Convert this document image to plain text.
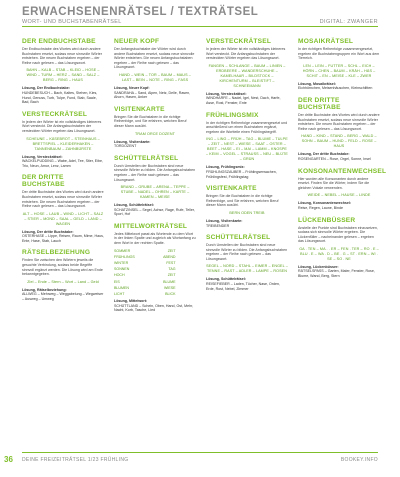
ERWACHSENENRÄTSEL / TEXTRÄTSEL
WORT- UND BUCHSTABENRÄTSEL	DIGITAL: ZWANGER
DER ENDBUCHSTABE
Der Endbuchstabe des Wortes wird durch andere Buchstaben ersetzt, sodass neue sinnvolle Wörter entstehen. Die neuen Buchstaben ergeben – der Reihe nach gelesen – das Lösungswort.
BAHN – KALB – STAB – KLEID – HOSE – WIND – TURM – HERZ – SAND – SALZ – BERG – RING – HAUS
Lösung, Der Endbuchstabe:
HUNDEBESUCH – Bach, Kaltes, Stehen, Kies, Hund, Genuss, Turb, Tulpe, Fund, Stab, Saale, Bad, Bach
VERSTECKRÄTSEL
In jedem der Wörter ist ein vollständiges kleineres Wort versteckt. Die Anfangsbuchstaben der versteckten Wörter ergeben das Lösungswort.
SCHEUNE – KÄSEBROT – STEINHAUS – BRETTSPIEL – KLEIDERHAKEN – TANNENBAUM – ZAHNBÜRSTE
Lösung, Versteckrätsel:
WACKELPUDDING – Wabe, Adel, Tee, Stier, Eibe, Trio, Neun, Amor, Lenz, Lamm
DER DRITTE BUCHSTABE
Der dritte Buchstabe des Wortes wird durch andere Buchstaben ersetzt, sodass neue sinnvolle Wörter entstehen. Die neuen Buchstaben ergeben – der Reihe nach gelesen – das Lösungswort.
ALT – HOSE – LAUB – WIND – LICHT – SALZ – STIER – MOND – SAAL – GELD – LAND – WAGEN
Lösung, Der dritte Buchstabe:
OSTERHASE – Lippe, Reisen, Raum, Mime, Haus, Ente, Hase, Stab, Lauch
RÄTSELBEZIEHUNG
Finden Sie zwischen den Wörtern jeweils die gesuchte Verbindung, sodass beide Begriffe sinnvoll ergänzt werden. Die Lösung wird am Ende bekanntgegeben.
Ziel – Ende – Stern – Wort – Land – Geld
Lösung, Rätselbeziehung:
ALLWEG – Mehrweg – Weggabelung – Wegweiser – Ausweg – Umweg
NEUER KOPF
Der Anfangsbuchstabe der Wörter wird durch andere Buchstaben ersetzt, sodass neue sinnvolle Wörter entstehen. Die neuen Anfangsbuchstaben ergeben – der Reihe nach gelesen – das Lösungswort.
HAND – WEIN – TOR – BAUM – MAUS – LAST – BEIN – NOTE – RING – FASS
Lösung, Neuer Kopf:
SANDRAHA – Sand, Alpen, Netz, Delle, Rasen, Ahorn, Hasen, Anker
VISITENKARTE
Bringen Sie die Buchstaben in die richtige Reihenfolge, und Sie erfahren, welchen Beruf dieser Mann ausübt.
TRAM ORCE DOZENT
Lösung, Visitenkarte:
TORDOZENT
SCHÜTTELRÄTSEL
Durch Umstellen der Buchstaben sind neue sinnvolle Wörter zu bilden. Die Anfangsbuchstaben ergeben – der Reihe nach gelesen – das Lösungswort.
BRAND – GRUBE – ARENA – TEPPE – STUBE – NADEL – OHREN – KARTE – KAMEN – MEISE
Lösung, Schüttelrätsel:
SCHATZINSEL – Segel, Achse, Rage, Rufe, Teller, Sport, Hof
MITTELWORTRÄTSEL
Jedes Mittelwort passt als Wortende zu dem Wort in der linken Spalte und zugleich als Wortanfang zu dem Wort in der rechten Spalte.
SOMMER
FRÜHLINGS
WINTER
SONNEN
HOCH
EIS
BLUMEN
LICHT
ZEIT
ABEND
FEST
TAG
ZEIT
BLUME
WIESE
BLICK
Lösung, Mittelwort:
SCHÜTTLAND – Schein, Oben, Hand, Ost, Mehr, Nacht, Korb, Tasche, Lied
VERSTECKRÄTSEL
In jedem der Wörter ist ein vollständiges kleineres Wort versteckt. Die Anfangsbuchstaben der versteckten Wörter ergeben das Lösungswort.
FANGEN – SCHLANGE – BAUM – LINIEN – ERDBEERE – WANDERSCHUHE – KAMELHAAR – BILDSTOCK – KIRCHENTURM – BLEISTIFT – SCHNEEMANN
Lösung, Versteckrätsel:
WINDHARFE – Nadel, Igel, Nest, Dach, Harfe, Asse, Rost, Fenster, Ente
FRÜHLINGSMIX
In der richtigen Reihenfolge zusammengesetzt und anschließend um einen Buchstaben ergänzt, ergeben die Wortteile einen Frühlingsbegriff.
ING – LING – FRÜH – TAG – BLUME – TULPE – ZEIT – NEST – WIESE – SAAT – OSTER – BEET – HASE – EI – MAI – LAMM – KNOSPE – KEIM – VOGEL – STRAUSS – NEU – BLÜTE – GRÜN
Lösung, Frühlingsmix:
FRÜHLINGSZAUBER – Frühlingserwachen, Frühlingsfest, Frühlingstag
VISITENKARTE
Bringen Sie die Buchstaben in die richtige Reihenfolge, und Sie erfahren, welchen Beruf dieser Mann ausübt.
BERN ODEN TREIB
Lösung, Visitenkarte:
TREIBENDER
SCHÜTTELRÄTSEL
Durch Umstellen der Buchstaben sind neue sinnvolle Wörter zu bilden. Die Anfangsbuchstaben ergeben – der Reihe nach gelesen – das Lösungswort.
SEGEL – NORD – STAHL – EIMER – ENGEL – TENNE – RAST – ADLER – LAMPE – ROSEN
Lösung, Schüttelrätsel:
REISEFIEBER – Laden, Tücher, Nase, Orden, Erde, Rost, Nebel, Zimmer
MOSAIKRÄTSEL
In der richtigen Reihenfolge zusammengesetzt, ergeben die Buchstabengruppen ein Wort aus dem Tierreich.
LEN – LEIN – FUTTER – SCHL – EICH – HÖRN – CHEN – BAUM – KRÄH – HÄS – SCHIT – EN – MEISE – KLE – ZWER
Lösung, Mosaikrätsel:
Eichhörnchen, Meisenhäuschen, Kleinschlitten
DER DRITTE BUCHSTABE
Der dritte Buchstabe des Wortes wird durch andere Buchstaben ersetzt, sodass neue sinnvolle Wörter entstehen. Die neuen Buchstaben ergeben – der Reihe nach gelesen – das Lösungswort.
HAND – KIND – STAND – BERG – WALD – SOHN – BAUM – HUND – FELD – ROSE – HAUS
Lösung, Der dritte Buchstabe:
ROSENGARTEN – Rose, Orgel, Sonne, Insel
KONSONANTENWECHSEL
Hier wurden alle Konsonanten durch andere ersetzt. Finden Sie die Wörter, indem Sie die gleichen Vokale verwenden.
WEIDE – NEBEL – HAUSE – LINDE
Lösung, Konsonantenwechsel:
Reise, Regen, Laune, Binde
LÜCKENBÜSSER
Anstelle der Punkte sind Buchstaben einzusetzen, sodass sich sinnvolle Wörter ergeben. Die Lückenfüller – nacheinander gelesen – ergeben das Lösungswort.
GA . TEN – MA . . ER – FEN . TER – RO . E – BLU . E – WA . D – BE . G – ST . ERN – WI . SE – SO . NE
Lösung, Lückenbüsser:
RÄTSELSPASS – Garten, Maler, Fenster, Rose, Blume, Wand, Berg, Stern
36 DEINE FREIZEITRÄTSEL 1/23 FRÜHLING	BOOKEY.INFO
